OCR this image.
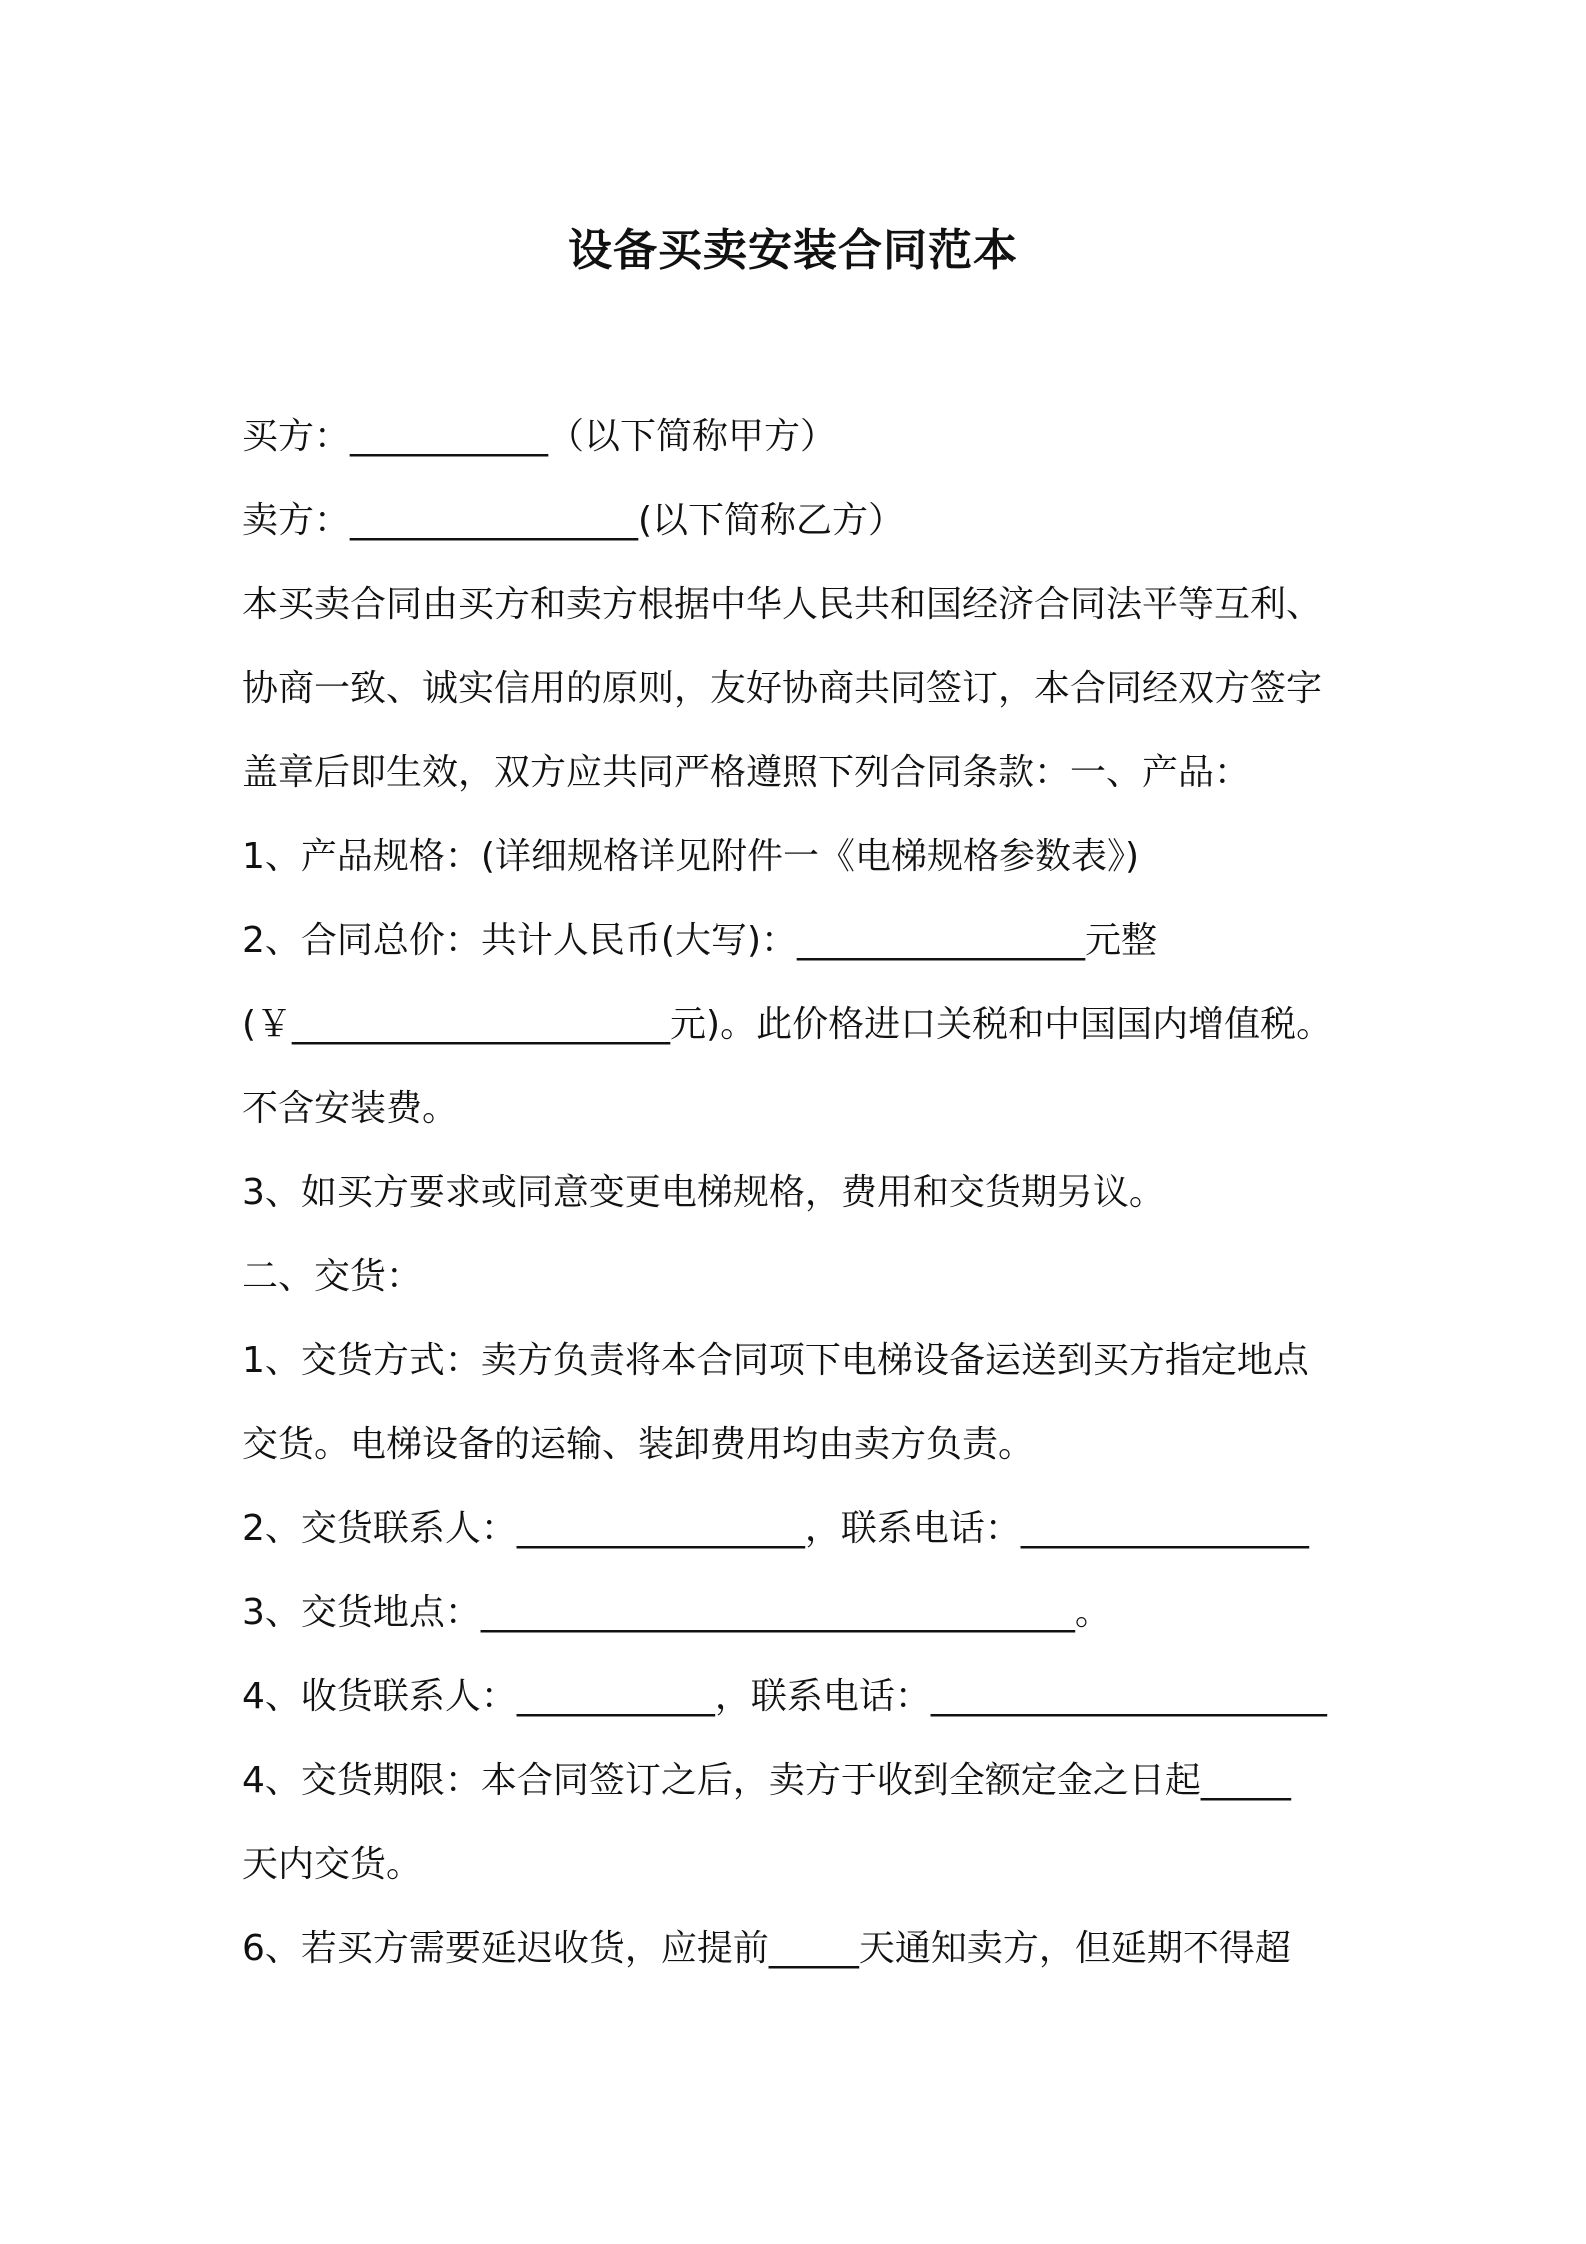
设备买卖安装合同范本
买方：___________（以下简称甲方）
卖方：________________(以下简称乙方）
本买卖合同由买方和卖方根据中华人民共和国经济合同法平等互利、
协商一致、诚实信用的原则，友好协商共同签订，本合同经双方签字
盖章后即生效，双方应共同严格遵照下列合同条款：一、产品：
1、产品规格：(详细规格详见附件一《电梯规格参数表》)
2、合同总价：共计人民币(大写)：________________元整
(￥_____________________元)。此价格进口关税和中国国内增值税。
不含安装费。
3、如买方要求或同意变更电梯规格，费用和交货期另议。
二、交货：
1、交货方式：卖方负责将本合同项下电梯设备运送到买方指定地点
交货。电梯设备的运输、装卸费用均由卖方负责。
2、交货联系人：________________，联系电话：________________
3、交货地点：_________________________________。
4、收货联系人：___________，联系电话：______________________
4、交货期限：本合同签订之后，卖方于收到全额定金之日起_____
天内交货。
6、若买方需要延迟收货，应提前_____天通知卖方，但延期不得超
